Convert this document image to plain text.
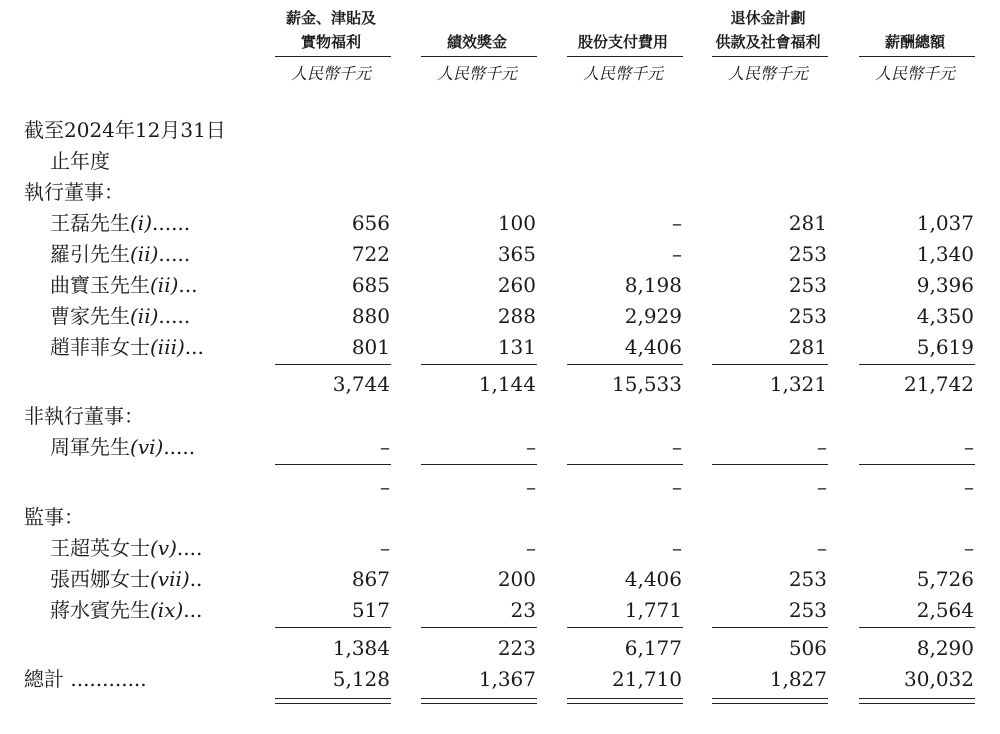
薪金、津貼及
實物福利
	績效獎金
	股份支付費用
退休金計劃
供款及社會福利
	薪酬總額
人民幣千元	人民幣千元	人民幣千元	人民幣千元	人民幣千元
截至2024年12月31日
止年度
執行董事：
王磊先生(i)......	656	100	–	281	1,037
羅引先生(ii).....	722	365	–	253	1,340
曲寶玉先生(ii)...	685	260	8,198	253	9,396
曹家先生(ii).....	880	288	2,929	253	4,350
趙菲菲女士(iii)...	801	131	4,406	281	5,619
3,744	1,144	15,533	1,321	21,742
非執行董事：
周軍先生(vi).....	–	–	–	–	–
–	–	–	–	–
監事：
王超英女士(v)....	–	–	–	–	–
張西娜女士(vii)..	867	200	4,406	253	5,726
蔣水賓先生(ix)...	517	23	1,771	253	2,564
1,384	223	6,177	506	8,290
總計 ............	5,128	1,367	21,710	1,827	30,032
